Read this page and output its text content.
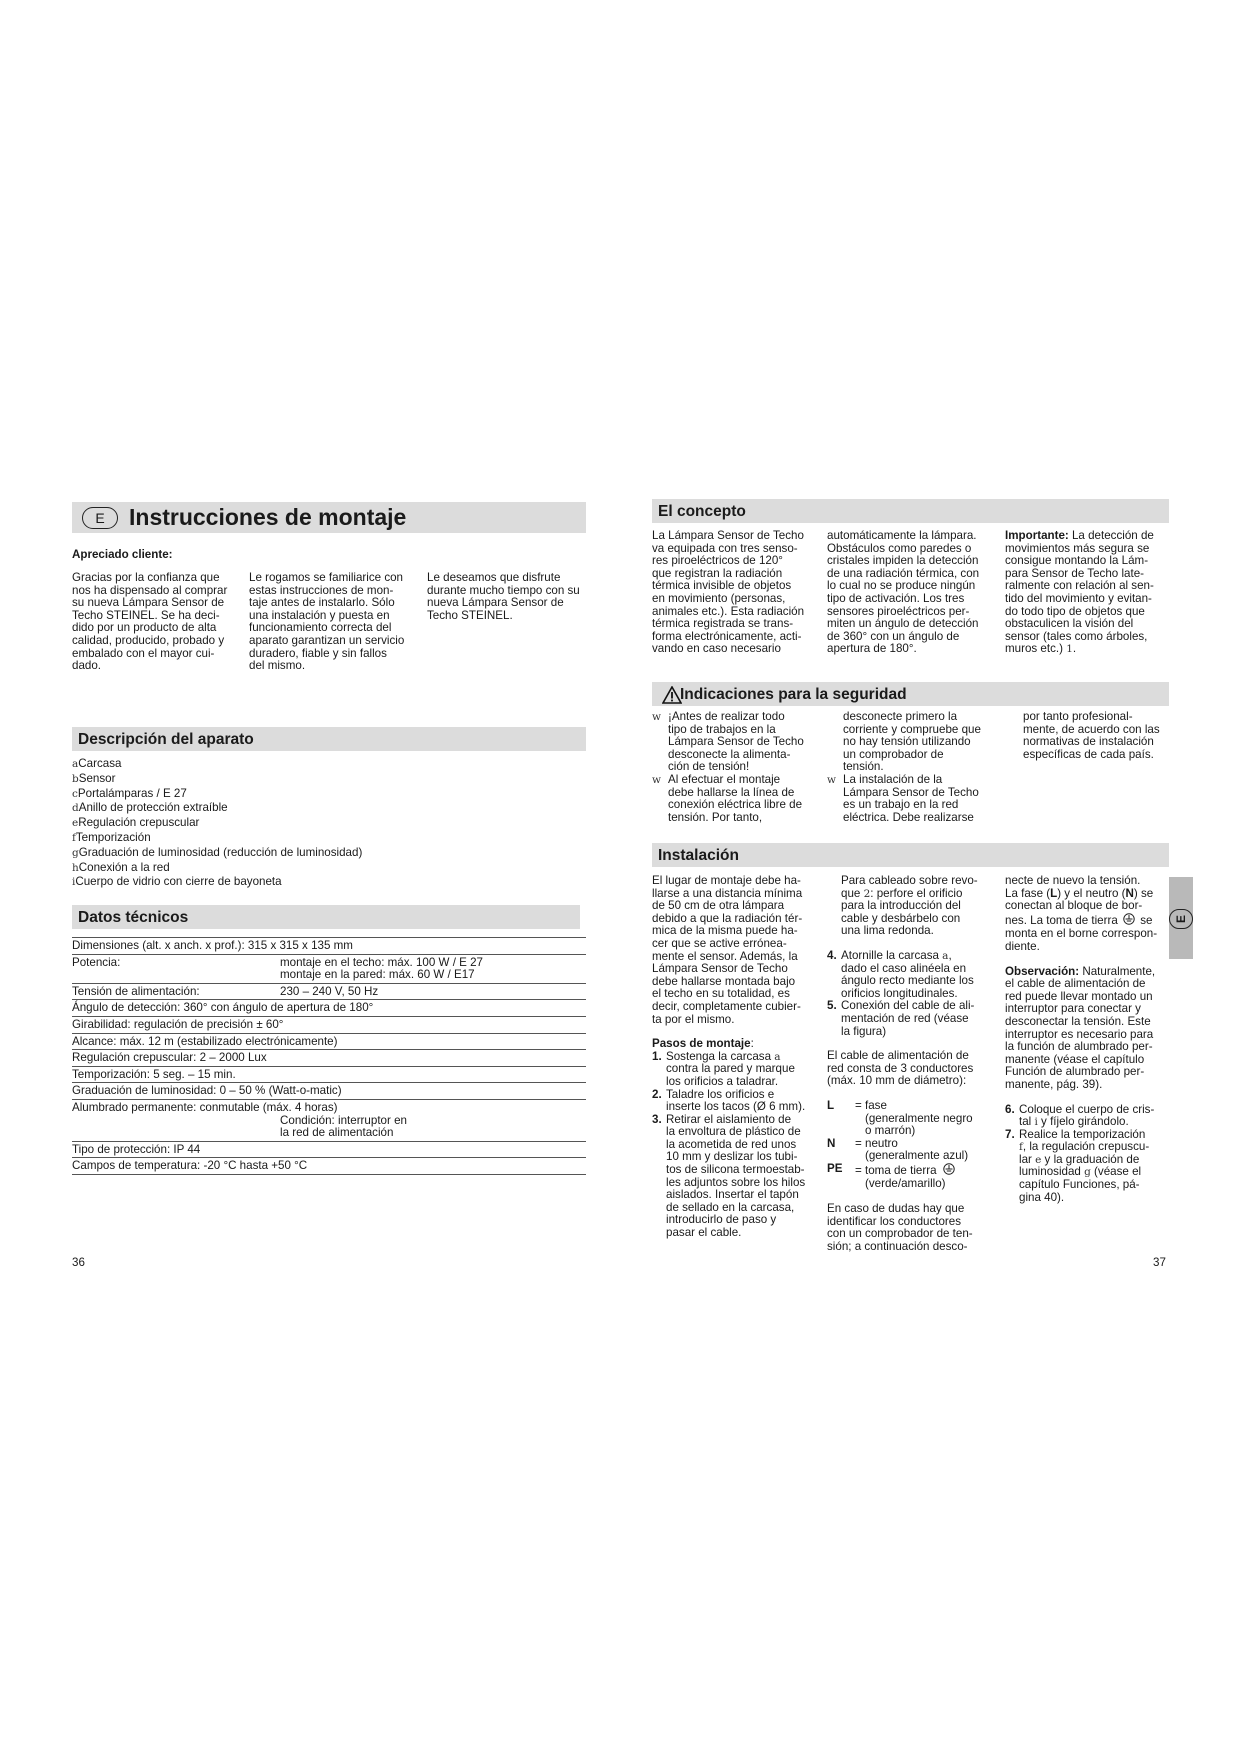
E	Instrucciones de montaje
Apreciado cliente:

Gracias por la confianza que

nos ha dispensado al comprar

su nueva Lámpara Sensor de

Techo STEINEL. Se ha deci-

dido por un producto de alta

calidad, producido, probado y

embalado con el mayor cui-

dado.

Le rogamos se familiarice con

estas instrucciones de mon-

taje antes de instalarlo. Sólo

una instalación y puesta en

funcionamiento correcta del

aparato garantizan un servicio

duradero, fiable y sin fallos

del mismo.

Le deseamos que disfrute

durante mucho tiempo con su

nueva Lámpara Sensor de

Techo STEINEL.

Descripción del aparato

aCarcasa

bSensor

cPortalámparas / E 27

dAnillo de protección extraíble

eRegulación crepuscular

fTemporización

gGraduación de luminosidad (reducción de luminosidad)

hConexión a la red

iCuerpo de vidrio con cierre de bayoneta

Datos técnicos
Dimensiones (alt. x anch. x prof.): 315 x 315 x 135 mm
Potencia:	montaje en el techo: máx. 100 W / E 27
montaje en la pared: máx. 60 W / E17
Tensión de alimentación:	230 – 240 V, 50 Hz
Ángulo de detección: 360° con ángulo de apertura de 180°
Girabilidad: regulación de precisión ± 60°
Alcance: máx. 12 m (estabilizado electrónicamente)
Regulación crepuscular: 2 – 2000 Lux
Temporización: 5 seg. – 15 min.
Graduación de luminosidad: 0 – 50 % (Watt-o-matic)
Alumbrado permanente: conmutable (máx. 4 horas)

Condición: interruptor en
la red de alimentación
Tipo de protección: IP 44
Campos de temperatura: -20 °C hasta +50 °C
36
El concepto

La Lámpara Sensor de Techo

va equipada con tres senso-

res piroeléctricos de 120°

que registran la radiación

térmica invisible de objetos

en movimiento (personas,

animales etc.). Esta radiación

térmica registrada se trans-

forma electrónicamente, acti-

vando en caso necesario

automáticamente la lámpara.

Obstáculos como paredes o

cristales impiden la detección

de una radiación térmica, con

lo cual no se produce ningún

tipo de activación. Los tres

sensores piroeléctricos per-

miten un ángulo de detección

de 360° con un ángulo de

apertura de 180°.

Importante: La detección de

movimientos más segura se

consigue montando la Lám-

para Sensor de Techo late-

ralmente con relación al sen-

tido del movimiento y evitan-

do todo tipo de objetos que

obstaculicen la visión del

sensor (tales como árboles,

muros etc.) 1.

Indicaciones para la seguridad
w ¡Antes de realizar todo

tipo de trabajos en la

Lámpara Sensor de Techo

desconecte la alimenta-

ción de tensión!

w Al efectuar el montaje

debe hallarse la línea de

conexión eléctrica libre de

tensión. Por tanto,

desconecte primero la

corriente y compruebe que

no hay tensión utilizando

un comprobador de

tensión.

w La instalación de la

Lámpara Sensor de Techo

es un trabajo en la red

eléctrica. Debe realizarse

por tanto profesional-

mente, de acuerdo con las

normativas de instalación

específicas de cada país.

Instalación

El lugar de montaje debe ha-

llarse a una distancia mínima

de 50 cm de otra lámpara

debido a que la radiación tér-

mica de la misma puede ha-

cer que se active erróneа-

mente el sensor. Además, la

Lámpara Sensor de Techo

debe hallarse montada bajo

el techo en su totalidad, es

decir, completamente cubier-

ta por el mismo.

Pasos de montaje:

1. Sostenga la carcasa a
contra la pared y marque
los orificios a taladrar.

2. Taladre los orificios e
inserte los tacos (Ø 6 mm).

3. Retirar el aislamiento de
la envoltura de plástico de
la acometida de red unos
10 mm y deslizar los tubi-
tos de silicona termoestab-
les adjuntos sobre los hilos
aislados. Insertar el tapón
de sellado en la carcasa,
introducirlo de paso y
pasar el cable.

Para cableado sobre revo-

que 2: perfore el orificio

para la introducción del

cable y desbárbelo con

una lima redonda.

4. Atornille la carcasa a,
dado el caso alinéela en
ángulo recto mediante los
orificios longitudinales.

5. Conexión del cable de ali-
mentación de red (véase
la figura)

El cable de alimentación de

red consta de 3 conductores

(máx. 10 mm de diámetro):

L = fase

(generalmente negro

o marrón)

N = neutro

(generalmente azul)

PE = toma de tierra

(verde/amarillo)

En caso de dudas hay que

identificar los conductores

con un comprobador de ten-

sión; a continuación desco-

necte de nuevo la tensión.

La fase (L) y el neutro (N) se

conectan al bloque de bor-

nes. La toma de tierra  se

monta en el borne correspon-

diente.

Observación: Naturalmente,

el cable de alimentación de

red puede llevar montado un

interruptor para conectar y

desconectar la tensión. Este

interruptor es necesario para

la función de alumbrado per-

manente (véase el capítulo

Función de alumbrado per-

manente, pág. 39).

6. Coloque el cuerpo de cris-
tal i y fíjelo girándolo.

7. Realice la temporización
f, la regulación crepuscu-
lar e y la graduación de
luminosidad g (véase el
capítulo Funciones, pá-
gina 40).

E
37
